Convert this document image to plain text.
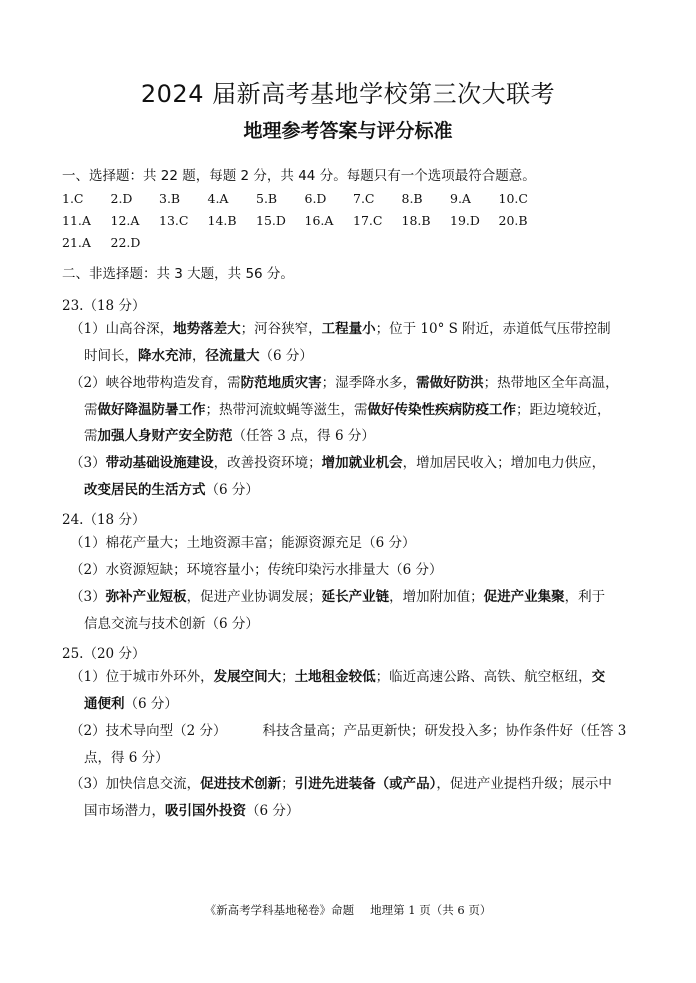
2024 届新高考基地学校第三次大联考
地理参考答案与评分标准
一、选择题：共 22 题，每题 2 分，共 44 分。每题只有一个选项最符合题意。
1.C 2.D 3.B 4.A 5.B 6.D 7.C 8.B 9.A 10.C
11.A 12.A 13.C 14.B 15.D 16.A 17.C 18.B 19.D 20.B
21.A 22.D
二、非选择题：共 3 大题，共 56 分。
23.（18 分）
（1）山高谷深，地势落差大；河谷狭窄，工程量小；位于 10° S 附近，赤道低气压带控制
时间长，降水充沛，径流量大（6 分）
（2）峡谷地带构造发育，需防范地质灾害；湿季降水多，需做好防洪；热带地区全年高温，
需做好降温防暑工作；热带河流蚊蝇等滋生，需做好传染性疾病防疫工作；距边境较近，
需加强人身财产安全防范（任答 3 点，得 6 分）
（3）带动基础设施建设，改善投资环境；增加就业机会，增加居民收入；增加电力供应，
改变居民的生活方式（6 分）
24.（18 分）
（1）棉花产量大；土地资源丰富；能源资源充足（6 分）
（2）水资源短缺；环境容量小；传统印染污水排量大（6 分）
（3）弥补产业短板，促进产业协调发展；延长产业链，增加附加值；促进产业集聚，利于
信息交流与技术创新（6 分）
25.（20 分）
（1）位于城市外环外，发展空间大；土地租金较低；临近高速公路、高铁、航空枢纽，交
通便利（6 分）
（2）技术导向型（2 分）	科技含量高；产品更新快；研发投入多；协作条件好（任答 3
点，得 6 分）
（3）加快信息交流，促进技术创新；引进先进装备（或产品），促进产业提档升级；展示中
国市场潜力，吸引国外投资（6 分）
《新高考学科基地秘卷》命题 地理第 1 页（共 6 页）
